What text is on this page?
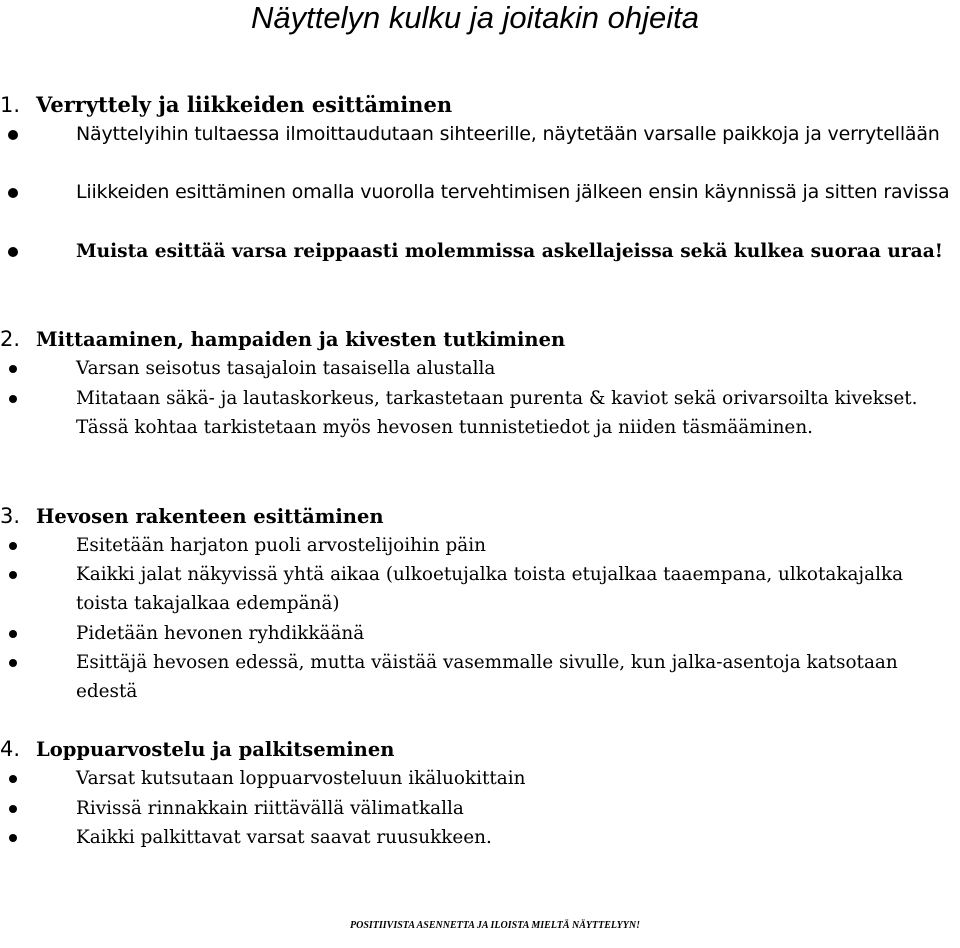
Näyttelyn kulku ja joitakin ohjeita
1. Verryttely ja liikkeiden esittäminen
Näyttelyihin tultaessa ilmoittaudutaan sihteerille, näytetään varsalle paikkoja ja verrytellään
Liikkeiden esittäminen omalla vuorolla tervehtimisen jälkeen ensin käynnissä ja sitten ravissa
Muista esittää varsa reippaasti molemmissa askellajeissa sekä kulkea suoraa uraa!
2. Mittaaminen, hampaiden ja kivesten tutkiminen
Varsan seisotus tasajaloin tasaisella alustalla
Mitataan säkä- ja lautaskorkeus, tarkastetaan purenta & kaviot sekä orivarsoilta kivekset. Tässä kohtaa tarkistetaan myös hevosen tunnistetiedot ja niiden täsmääminen.
3. Hevosen rakenteen esittäminen
Esitetään harjaton puoli arvostelijoihin päin
Kaikki jalat näkyvissä yhtä aikaa (ulkoetujalka toista etujalkaa taaempana, ulkotakajalka toista takajalkaa edempänä)
Pidetään hevonen ryhdikkäänä
Esittäjä hevosen edessä, mutta väistää vasemmalle sivulle, kun jalka-asentoja katsotaan edestä
4. Loppuarvostelu ja palkitseminen
Varsat kutsutaan loppuarvosteluun ikäluokittain
Rivissä rinnakkain riittävällä välimatkalla
Kaikki palkittavat varsat saavat ruusukkeen.
POSITIIVISTA ASENNETTA JA ILOISTA MIELTÄ NÄYTTELYYN!
